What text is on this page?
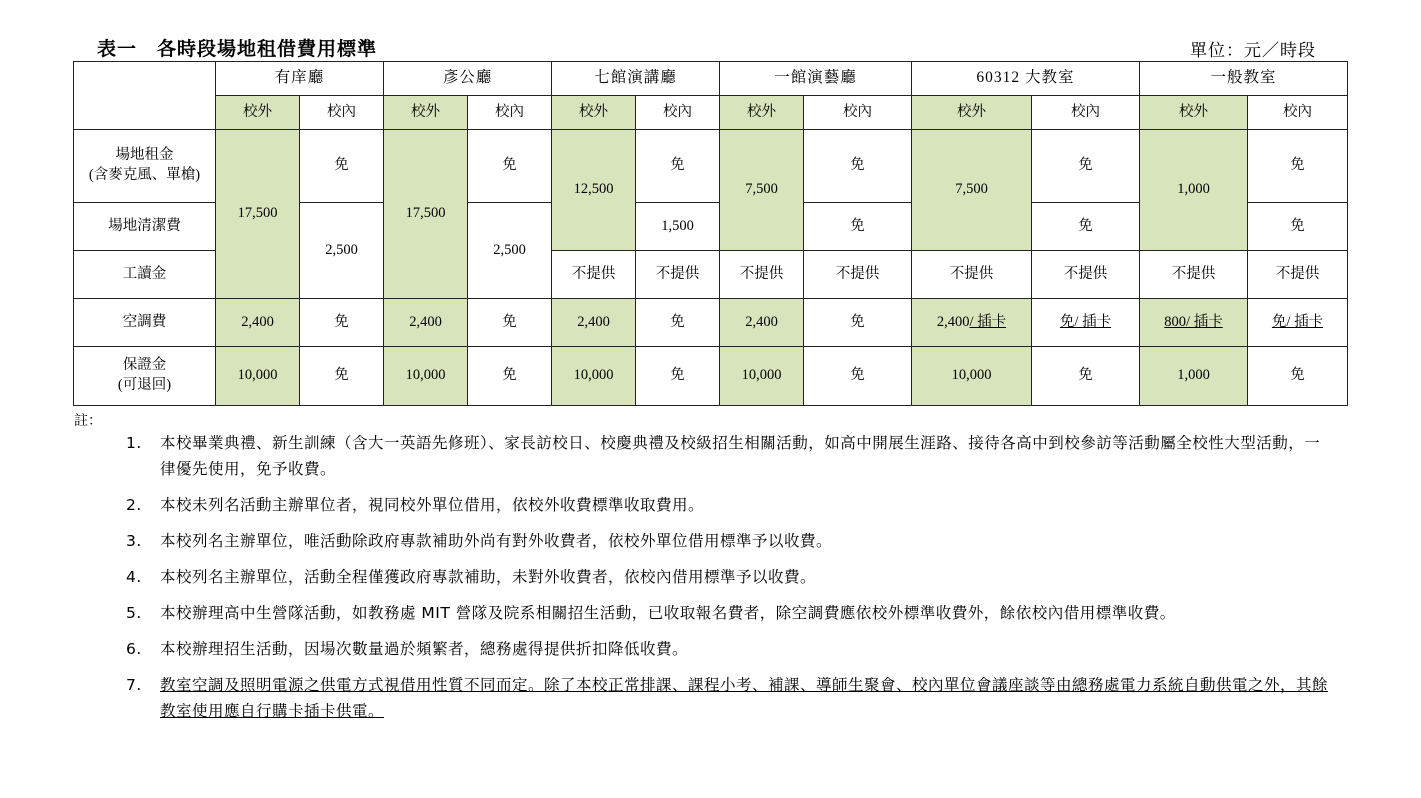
表一　各時段場地租借費用標準	單位：元／時段
	有庠廳		彥公廳		七館演講廳		一館演藝廳		60312 大教室		一般教室	
	校外	校內	校外	校內	校外	校內	校外	校內	校外	校內	校外	校內
場地租金
(含麥克風、單槍)	17,500	免	17,500	免	12,500	免	7,500	免	7,500	免	1,000	免
場地清潔費		2,500		2,500		1,500		免		免		免
工讀金					不提供	不提供	不提供	不提供	不提供	不提供	不提供	不提供
空調費	2,400	免	2,400	免	2,400	免	2,400	免	2,400/ 插卡	免/ 插卡	800/ 插卡	免/ 插卡
保證金
(可退回)	10,000	免	10,000	免	10,000	免	10,000	免	10,000	免	1,000	免
註：
1. 本校畢業典禮、新生訓練（含大一英語先修班）、家長訪校日、校慶典禮及校級招生相關活動，如高中開展生涯路、接待各高中到校參訪等活動屬全校性大型活動，一律優先使用，免予收費。
2. 本校未列名活動主辦單位者，視同校外單位借用，依校外收費標準收取費用。
3. 本校列名主辦單位，唯活動除政府專款補助外尚有對外收費者，依校外單位借用標準予以收費。
4. 本校列名主辦單位，活動全程僅獲政府專款補助，未對外收費者，依校內借用標準予以收費。
5. 本校辦理高中生營隊活動，如教務處 MIT 營隊及院系相關招生活動，已收取報名費者，除空調費應依校外標準收費外，餘依校內借用標準收費。
6. 本校辦理招生活動，因場次數量過於頻繁者，總務處得提供折扣降低收費。
7. 教室空調及照明電源之供電方式視借用性質不同而定。除了本校正常排課、課程小考、補課、導師生聚會、校內單位會議座談等由總務處電力系統自動供電之外，其餘教室使用應自行購卡插卡供電。
